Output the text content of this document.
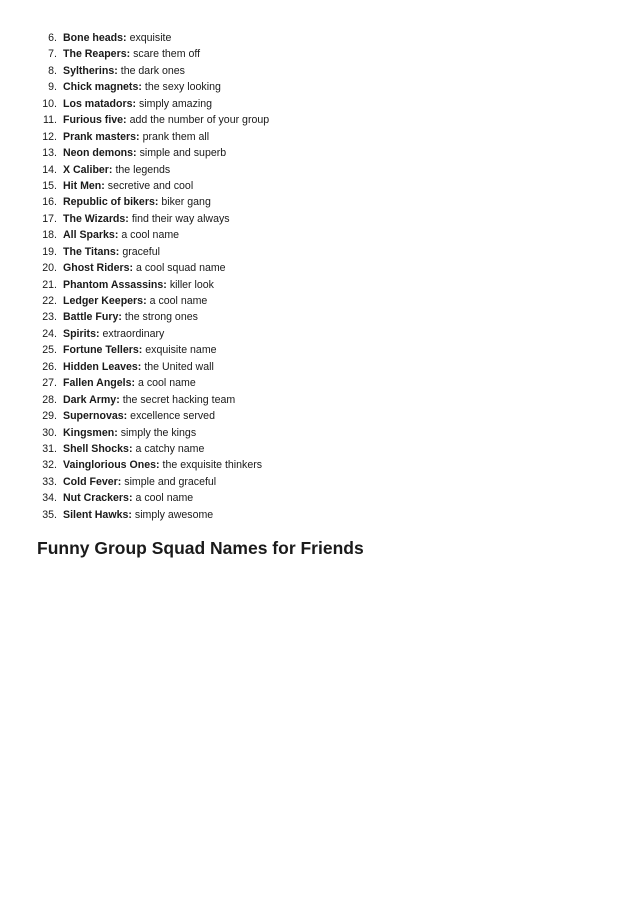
6. Bone heads: exquisite
7. The Reapers: scare them off
8. Syltherins: the dark ones
9. Chick magnets: the sexy looking
10. Los matadors: simply amazing
11. Furious five: add the number of your group
12. Prank masters: prank them all
13. Neon demons: simple and superb
14. X Caliber: the legends
15. Hit Men: secretive and cool
16. Republic of bikers: biker gang
17. The Wizards: find their way always
18. All Sparks: a cool name
19. The Titans: graceful
20. Ghost Riders: a cool squad name
21. Phantom Assassins: killer look
22. Ledger Keepers: a cool name
23. Battle Fury: the strong ones
24. Spirits: extraordinary
25. Fortune Tellers: exquisite name
26. Hidden Leaves: the United wall
27. Fallen Angels: a cool name
28. Dark Army: the secret hacking team
29. Supernovas: excellence served
30. Kingsmen: simply the kings
31. Shell Shocks: a catchy name
32. Vainglorious Ones: the exquisite thinkers
33. Cold Fever: simple and graceful
34. Nut Crackers: a cool name
35. Silent Hawks: simply awesome
Funny Group Squad Names for Friends
